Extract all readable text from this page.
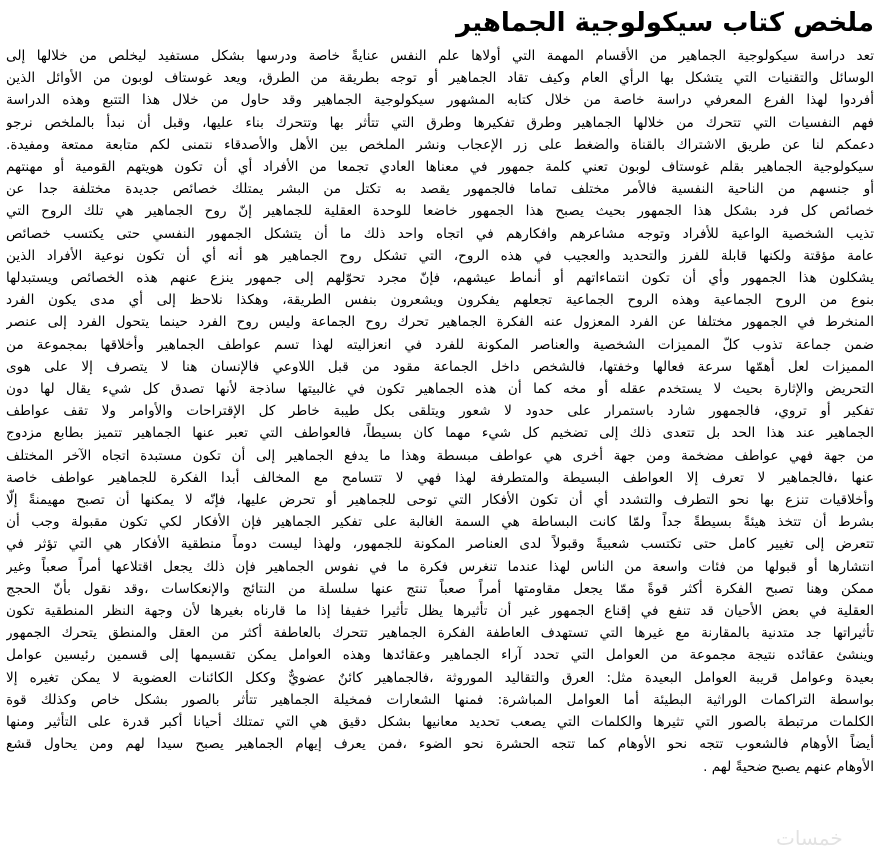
ملخص كتاب سيكولوجية الجماهير
تعد دراسة سيكولوجية الجماهير من الأقسام المهمة التي أولاها علم النفس عنايةً خاصة ودرسها بشكل مستفيد ليخلص من خلالها إلى
الوسائل والتقنيات التي يتشكل بها الرأي العام وكيف تقاد الجماهير أو توجه بطريقة من الطرق، ويعد غوستاف لوبون من الأوائل الذين
أفردوا لهذا الفرع المعرفي دراسة خاصة من خلال كتابه المشهور سيكولوجية الجماهير وقد حاول من خلال هذا التتبع وهذه الدراسة
فهم النفسيات التي تتحرك من خلالها الجماهير وطرق تفكيرها وطرق التي تتأثر بها وتتحرك بناء عليها، وقبل أن نبدأ بالملخص نرجو
دعمكم لنا عن طريق الاشتراك بالقناة والضغط على زر الإعجاب ونشر الملخص بين الأهل والأصدقاء نتمنى لكم متابعة ممتعة ومفيدة.
سيكولوجية الجماهير بقلم غوستاف لوبون تعني كلمة جمهور في معناها العادي تجمعا من الأفراد أي أن تكون هويتهم القومية أو مهنتهم
أو جنسهم من الناحية النفسية فالأمر مختلف تماما فالجمهور يقصد به تكتل من البشر يمتلك خصائص جديدة مختلفة جدا عن
خصائص كل فرد بشكل هذا الجمهور بحيث يصبح هذا الجمهور خاضعا للوحدة العقلية للجماهير إنّ روح الجماهير هي تلك الروح التي
تذيب الشخصية الواعية للأفراد وتوجه مشاعرهم وافكارهم في اتجاه واحد ذلك ما أن يتشكل الجمهور النفسي حتى يكتسب خصائص
عامة مؤقتة ولكنها قابلة للفرز والتحديد والعجيب في هذه الروح، التي تشكل روح الجماهير هو أنه أي أن تكون نوعية الأفراد الذين
يشكلون هذا الجمهور وأي أن تكون انتماءاتهم أو أنماط عيشهم، فإنّ مجرد تحوّلهم إلى جمهور ينزع عنهم هذه الخصائص ويستبدلها
بنوع من الروح الجماعية وهذه الروح الجماعية تجعلهم يفكرون ويشعرون بنفس الطريقة، وهكذا نلاحظ إلى أي مدى يكون الفرد
المنخرط في الجمهور مختلفا عن الفرد المعزول عنه الفكرة الجماهير تحرك روح الجماعة وليس روح الفرد حينما يتحول الفرد إلى عنصر
ضمن جماعة تذوب كلّ المميزات الشخصية والعناصر المكونة للفرد في انعزاليته لهذا تسم عواطف الجماهير وأخلاقها بمجموعة من
المميزات لعل أهمّها سرعة فعالها وخفتها، فالشخص داخل الجماعة مقود من قبل اللاوعي فالإنسان هنا لا يتصرف إلا على هوى
التحريض والإثارة بحيث لا يستخدم عقله أو مخه كما أن هذه الجماهير تكون في غالبيتها ساذجة لأنها تصدق كل شيء يقال لها دون
تفكير أو تروي، فالجمهور شارد باستمرار على حدود لا شعور ويتلقى بكل طيبة خاطر كل الإقتراحات والأوامر ولا تقف عواطف
الجماهير عند هذا الحد بل تتعدى ذلك إلى تضخيم كل شيء مهما كان بسيطاً، فالعواطف التي تعبر عنها الجماهير تتميز بطابع مزدوج
من جهة فهي عواطف مضخمة ومن جهة أخرى هي عواطف مبسطة وهذا ما يدفع الجماهير إلى أن تكون مستبدة اتجاه الآخر المختلف
عنها ،فالجماهير لا تعرف إلا العواطف البسيطة والمتطرفة لهذا فهي لا تتسامح مع المخالف أبدا الفكرة للجماهير عواطف خاصة
وأخلاقيات تنزع بها نحو التطرف والتشدد أي أن تكون الأفكار التي توحى للجماهير أو تحرض عليها، فإنّه لا يمكنها أن تصبح مهيمنةً إلّا
بشرط أن تتخذ هيئةً بسيطةً جداً ولمّا كانت البساطة هي السمة الغالبة على تفكير الجماهير فإن الأفكار لكي تكون مقبولة وجب أن
تتعرض إلى تغيير كامل حتى تكتسب شعبيةً وقبولاً لدى العناصر المكونة للجمهور، ولهذا ليست دوماً منطقية الأفكار هي التي تؤثر في
انتشارها أو قبولها من فئات واسعة من الناس لهذا عندما تنغرس فكرة ما في نفوس الجماهير فإن ذلك يجعل اقتلاعها أمراً صعباً وغير
ممكن وهنا تصبح الفكرة أكثر قوةً ممّا يجعل مقاومتها أمراً صعباً تنتج عنها سلسلة من النتائج والإنعكاسات ،وقد نقول بأنّ الحجج
العقلية في بعض الأحيان قد تنفع في إقناع الجمهور غير أن تأثيرها يظل تأثيرا خفيفا إذا ما قارناه بغيرها لأن وجهة النظر المنطقية تكون
تأثيراتها جد متدنية بالمقارنة مع غيرها التي تستهدف العاطفة الفكرة الجماهير تتحرك بالعاطفة أكثر من العقل والمنطق يتحرك الجمهور
وينشئ عقائده نتيجة مجموعة من العوامل التي تحدد آراء الجماهير وعقائدها وهذه العوامل يمكن تقسيمها إلى قسمين رئيسين عوامل
بعيدة وعوامل قريبة العوامل البعيدة مثل: العرق والتقاليد الموروثة ،فالجماهير كائنٌ عضويٌّ وككل الكائنات العضوية لا يمكن تغيره إلا
بواسطة التراكمات الوراثية البطيئة أما العوامل المباشرة: فمنها الشعارات فمخيلة الجماهير تتأثر بالصور بشكل خاص وكذلك قوة
الكلمات مرتبطة بالصور التي تثيرها والكلمات التي يصعب تحديد معانيها بشكل دقيق هي التي تمتلك أحيانا أكبر قدرة على التأثير ومنها
أيضاً الأوهام فالشعوب تتجه نحو الأوهام كما تتجه الحشرة نحو الضوء ،فمن يعرف إيهام الجماهير يصبح سيدا لهم ومن يحاول قشع
الأوهام عنهم يصبح ضحيةً لهم .
خمسات
